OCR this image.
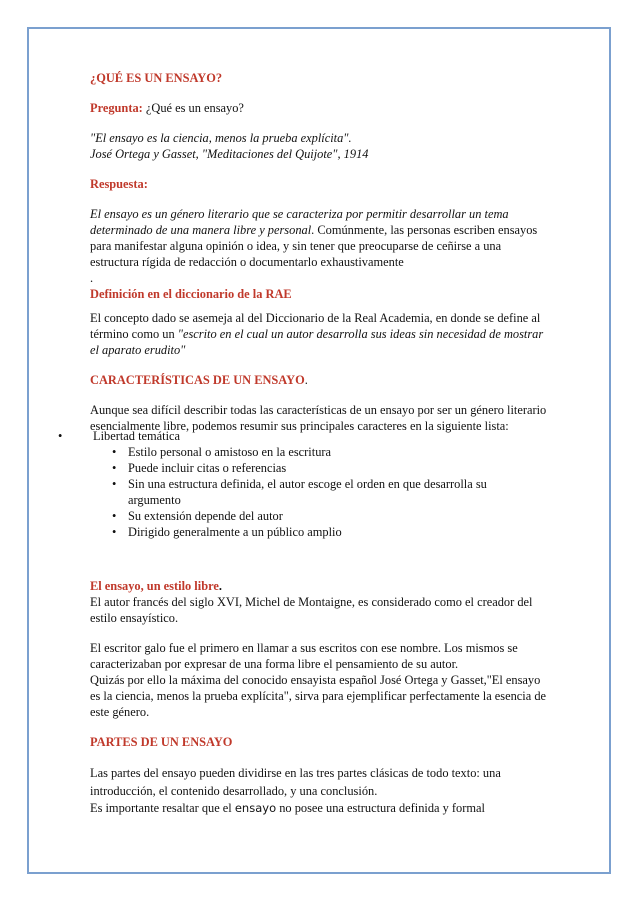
¿QUÉ ES UN ENSAYO?

Pregunta: ¿Qué es un ensayo?

"El ensayo es la ciencia, menos la prueba explícita".
José Ortega y Gasset, "Meditaciones del Quijote", 1914

Respuesta:

El ensayo es un género literario que se caracteriza por permitir desarrollar un tema determinado de una manera libre y personal. Comúnmente, las personas escriben ensayos para manifestar alguna opinión o idea, y sin tener que preocuparse de ceñirse a una estructura rígida de redacción o documentarlo exhaustivamente
.

Definición en el diccionario de la RAE

El concepto dado se asemeja al del Diccionario de la Real Academia, en donde se define al término como un "escrito en el cual un autor desarrolla sus ideas sin necesidad de mostrar el aparato erudito"

CARACTERÍSTICAS DE UN ENSAYO.

Aunque sea difícil describir todas las características de un ensayo por ser un género literario esencialmente libre, podemos resumir sus principales caracteres en la siguiente lista:

• Libertad temática
• Estilo personal o amistoso en la escritura
• Puede incluir citas o referencias
• Sin una estructura definida, el autor escoge el orden en que desarrolla su argumento
• Su extensión depende del autor
• Dirigido generalmente a un público amplio

El ensayo, un estilo libre.

El autor francés del siglo XVI, Michel de Montaigne, es considerado como el creador del estilo ensayístico.

El escritor galo fue el primero en llamar a sus escritos con ese nombre. Los mismos se caracterizaban por expresar de una forma libre el pensamiento de su autor.

Quizás por ello la máxima del conocido ensayista español José Ortega y Gasset,"El ensayo es la ciencia, menos la prueba explícita", sirva para ejemplificar perfectamente la esencia de este género.

PARTES DE UN ENSAYO

Las partes del ensayo pueden dividirse en las tres partes clásicas de todo texto: una introducción, el contenido desarrollado, y una conclusión.

Es importante resaltar que el ensayo no posee una estructura definida y formal
